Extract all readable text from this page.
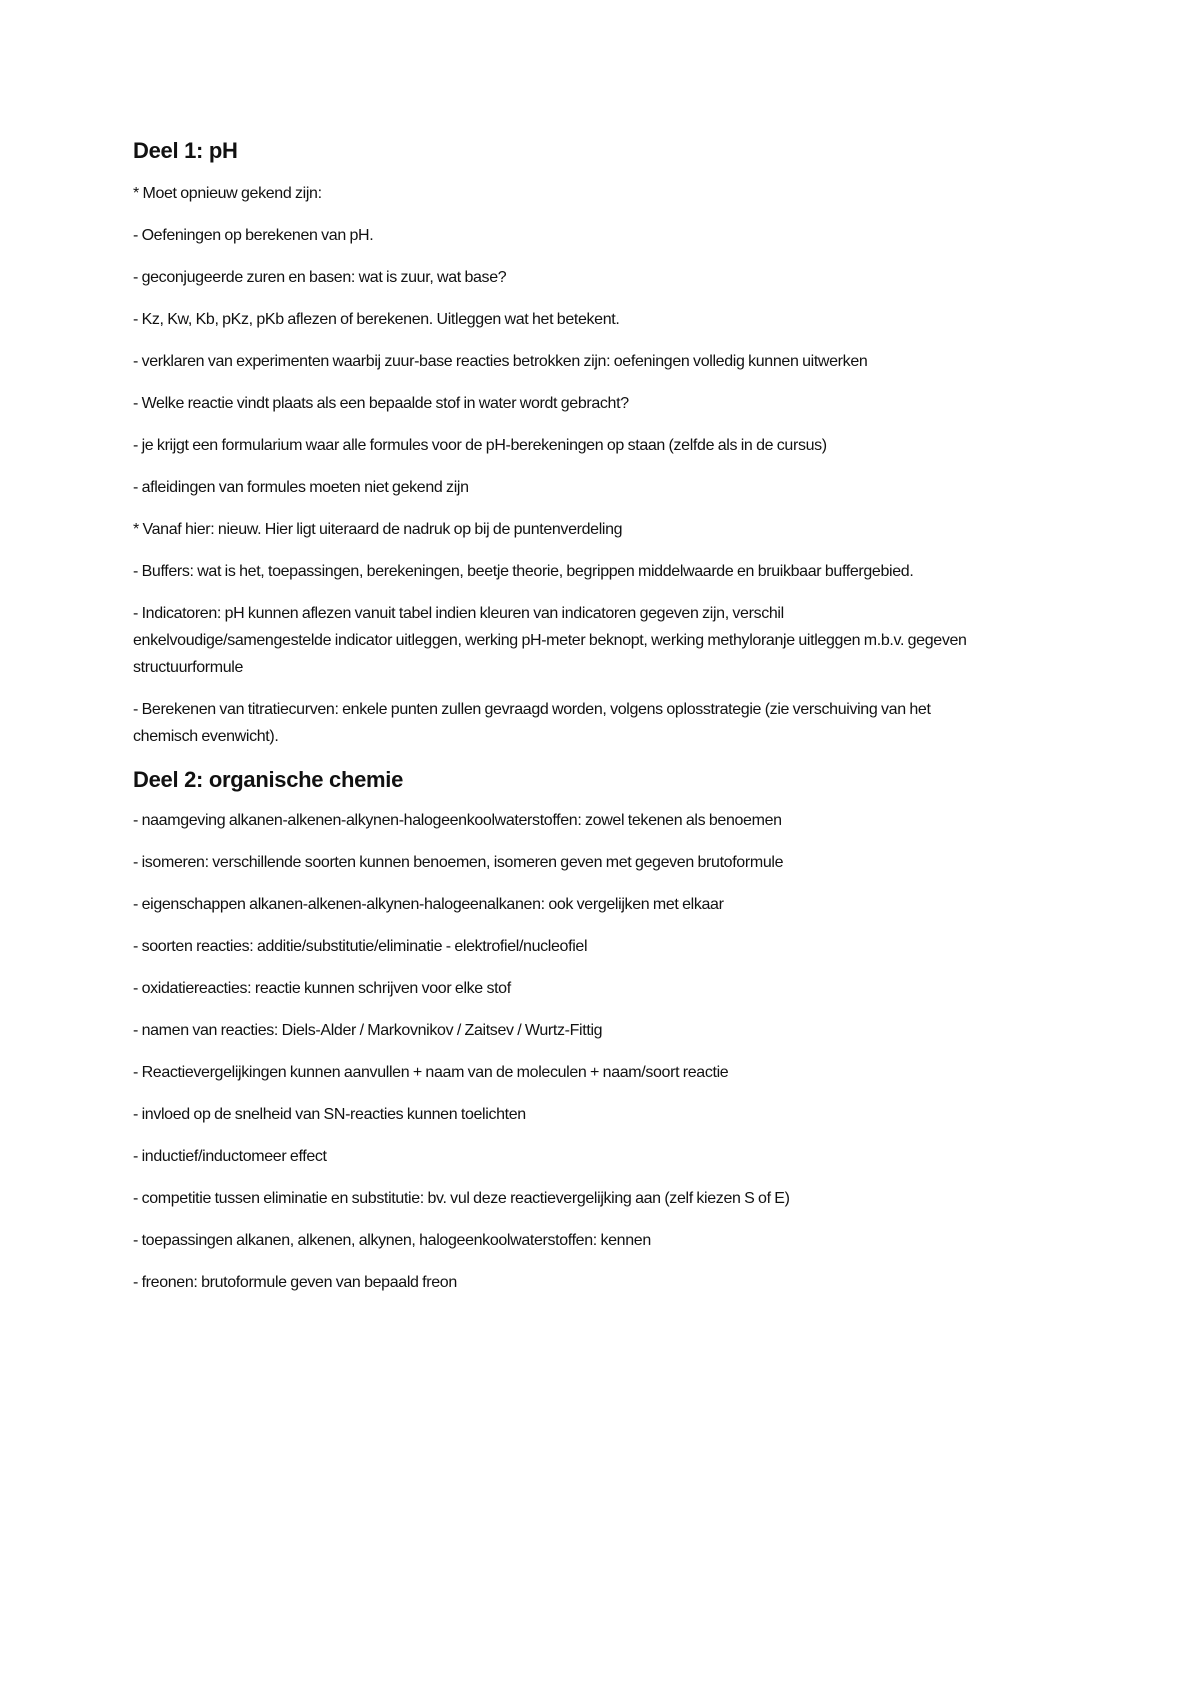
Deel 1: pH

* Moet opnieuw gekend zijn:

- Oefeningen op berekenen van pH.

- geconjugeerde zuren en basen: wat is zuur, wat base?

- Kz, Kw, Kb, pKz, pKb aflezen of berekenen. Uitleggen wat het betekent.

- verklaren van experimenten waarbij zuur-base reacties betrokken zijn: oefeningen volledig kunnen uitwerken

- Welke reactie vindt plaats als een bepaalde stof in water wordt gebracht?

- je krijgt een formularium waar alle formules voor de pH-berekeningen op staan (zelfde als in de cursus)

- afleidingen van formules moeten niet gekend zijn

* Vanaf hier: nieuw. Hier ligt uiteraard de nadruk op bij de puntenverdeling

- Buffers: wat is het, toepassingen, berekeningen, beetje theorie, begrippen middelwaarde en bruikbaar buffergebied.

- Indicatoren: pH kunnen aflezen vanuit tabel indien kleuren van indicatoren gegeven zijn, verschil enkelvoudige/samengestelde indicator uitleggen, werking pH-meter beknopt, werking methyloranje uitleggen m.b.v. gegeven structuurformule

- Berekenen van titratiecurven: enkele punten zullen gevraagd worden, volgens oplosstrategie (zie verschuiving van het chemisch evenwicht).

Deel 2: organische chemie

- naamgeving alkanen-alkenen-alkynen-halogeenkoolwaterstoffen: zowel tekenen als benoemen

- isomeren: verschillende soorten kunnen benoemen, isomeren geven met gegeven brutoformule

- eigenschappen alkanen-alkenen-alkynen-halogeenalkanen: ook vergelijken met elkaar

- soorten reacties: additie/substitutie/eliminatie - elektrofiel/nucleofiel

- oxidatiereacties: reactie kunnen schrijven voor elke stof

- namen van reacties: Diels-Alder / Markovnikov / Zaitsev / Wurtz-Fittig

- Reactievergelijkingen kunnen aanvullen + naam van de moleculen + naam/soort reactie

- invloed op de snelheid van SN-reacties kunnen toelichten

- inductief/inductomeer effect

- competitie tussen eliminatie en substitutie: bv. vul deze reactievergelijking aan (zelf kiezen S of E)

- toepassingen alkanen, alkenen, alkynen, halogeenkoolwaterstoffen: kennen

- freonen: brutoformule geven van bepaald freon
